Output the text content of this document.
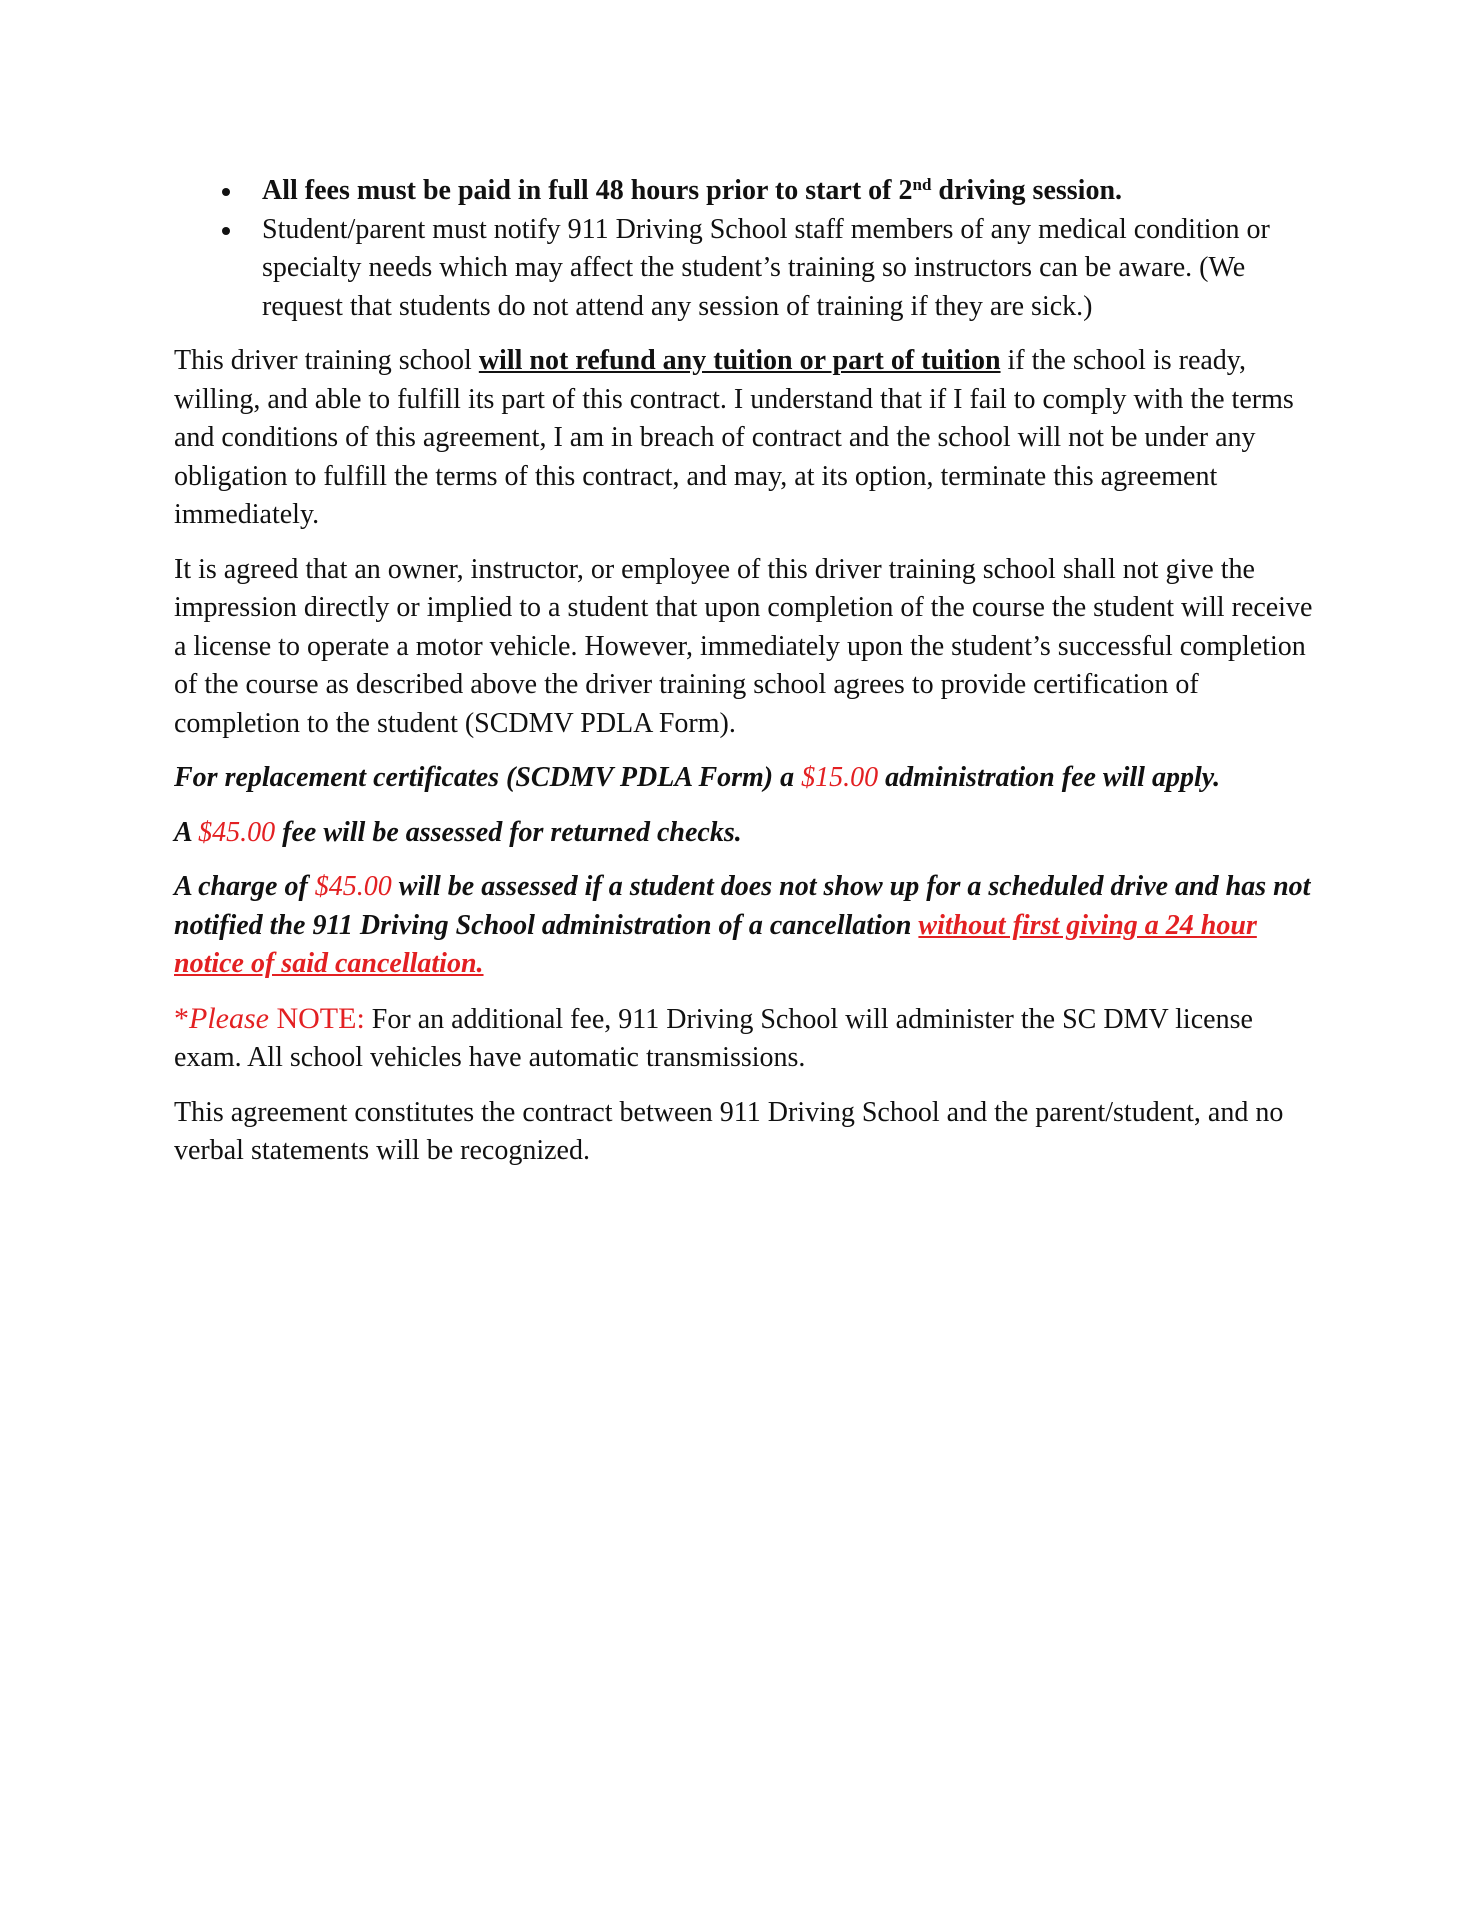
All fees must be paid in full 48 hours prior to start of 2nd driving session.
Student/parent must notify 911 Driving School staff members of any medical condition or specialty needs which may affect the student’s training so instructors can be aware. (We request that students do not attend any session of training if they are sick.)

This driver training school will not refund any tuition or part of tuition if the school is ready, willing, and able to fulfill its part of this contract. I understand that if I fail to comply with the terms and conditions of this agreement, I am in breach of contract and the school will not be under any obligation to fulfill the terms of this contract, and may, at its option, terminate this agreement immediately.

It is agreed that an owner, instructor, or employee of this driver training school shall not give the impression directly or implied to a student that upon completion of the course the student will receive a license to operate a motor vehicle. However, immediately upon the student’s successful completion of the course as described above the driver training school agrees to provide certification of completion to the student (SCDMV PDLA Form).

For replacement certificates (SCDMV PDLA Form) a $15.00 administration fee will apply.

A $45.00 fee will be assessed for returned checks.

A charge of $45.00 will be assessed if a student does not show up for a scheduled drive and has not notified the 911 Driving School administration of a cancellation without first giving a 24 hour notice of said cancellation.

*Please NOTE: For an additional fee, 911 Driving School will administer the SC DMV license exam. All school vehicles have automatic transmissions.

This agreement constitutes the contract between 911 Driving School and the parent/student, and no verbal statements will be recognized.
